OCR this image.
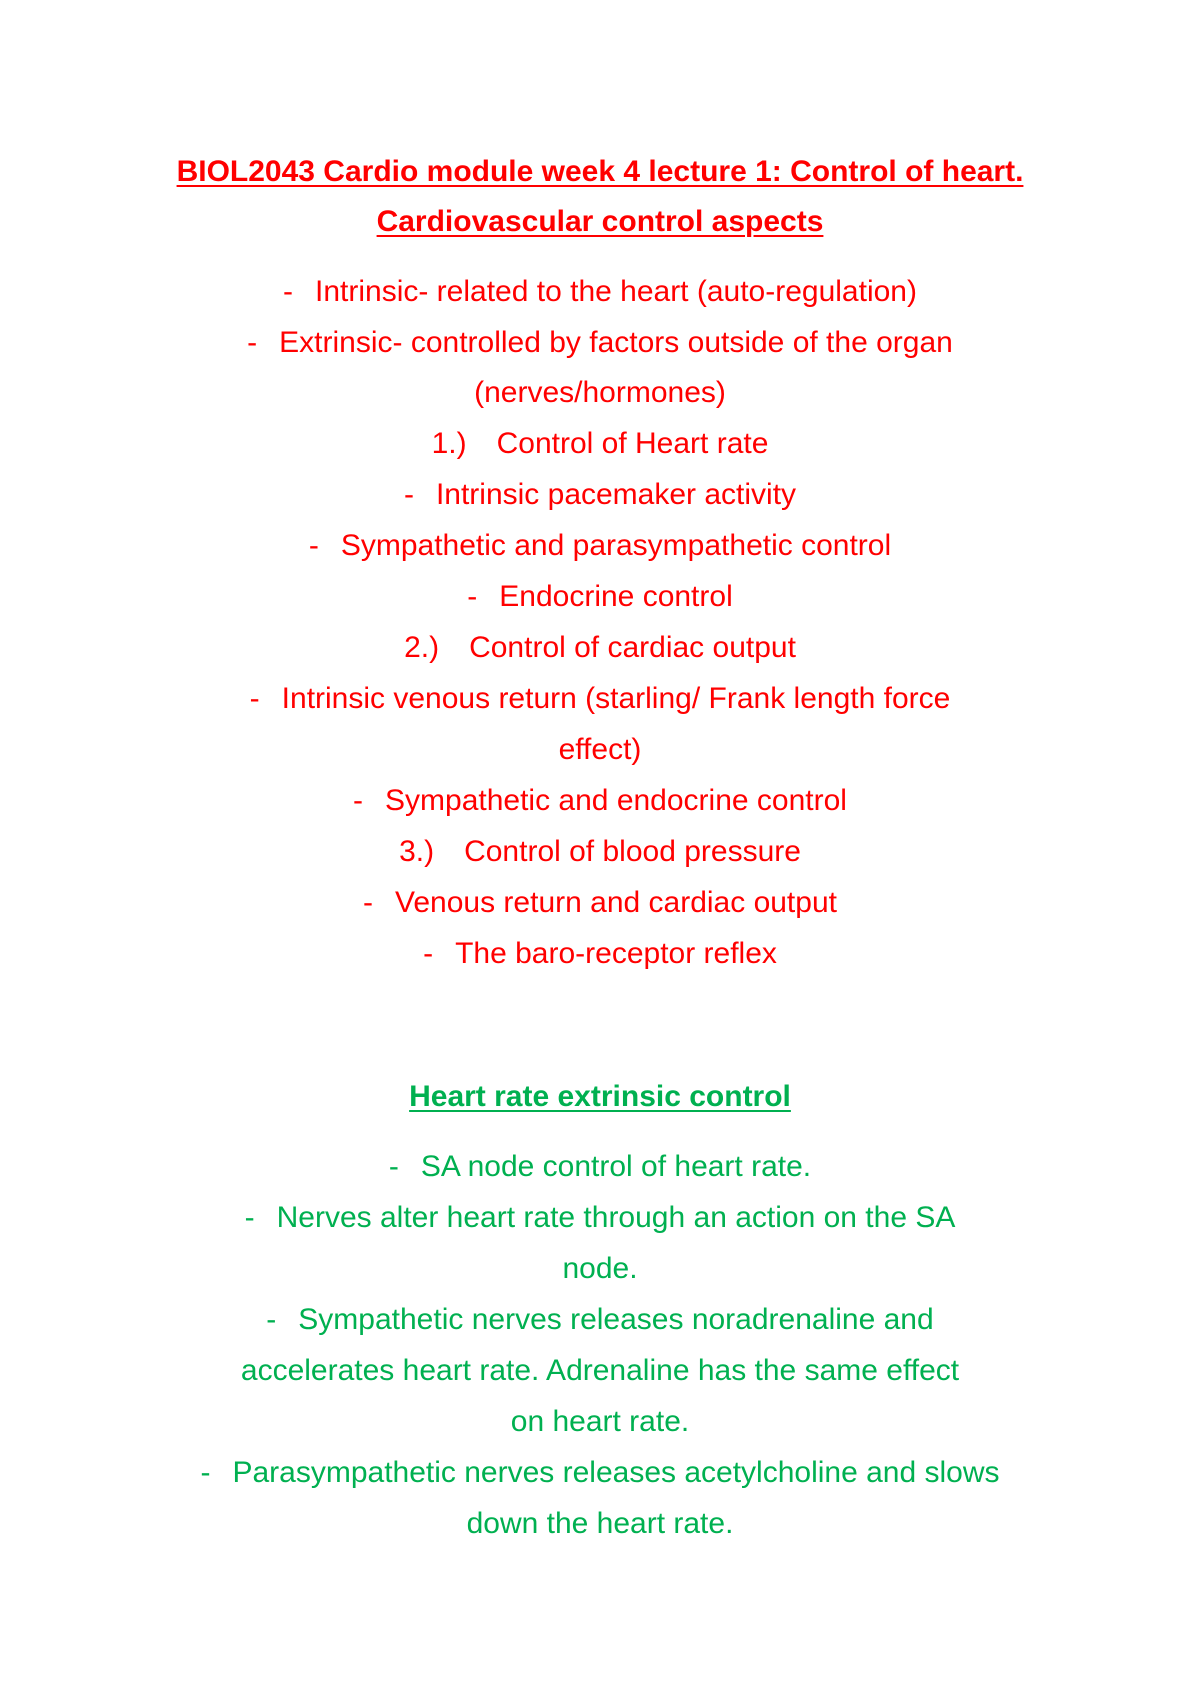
BIOL2043 Cardio module week 4 lecture 1: Control of heart.
Cardiovascular control aspects
- Intrinsic- related to the heart (auto-regulation)
- Extrinsic- controlled by factors outside of the organ
(nerves/hormones)
1.) Control of Heart rate
- Intrinsic pacemaker activity
- Sympathetic and parasympathetic control
- Endocrine control
2.) Control of cardiac output
- Intrinsic venous return (starling/ Frank length force
effect)
- Sympathetic and endocrine control
3.) Control of blood pressure
- Venous return and cardiac output
- The baro-receptor reflex
Heart rate extrinsic control
- SA node control of heart rate.
- Nerves alter heart rate through an action on the SA
node.
- Sympathetic nerves releases noradrenaline and
accelerates heart rate. Adrenaline has the same effect
on heart rate.
- Parasympathetic nerves releases acetylcholine and slows
down the heart rate.
